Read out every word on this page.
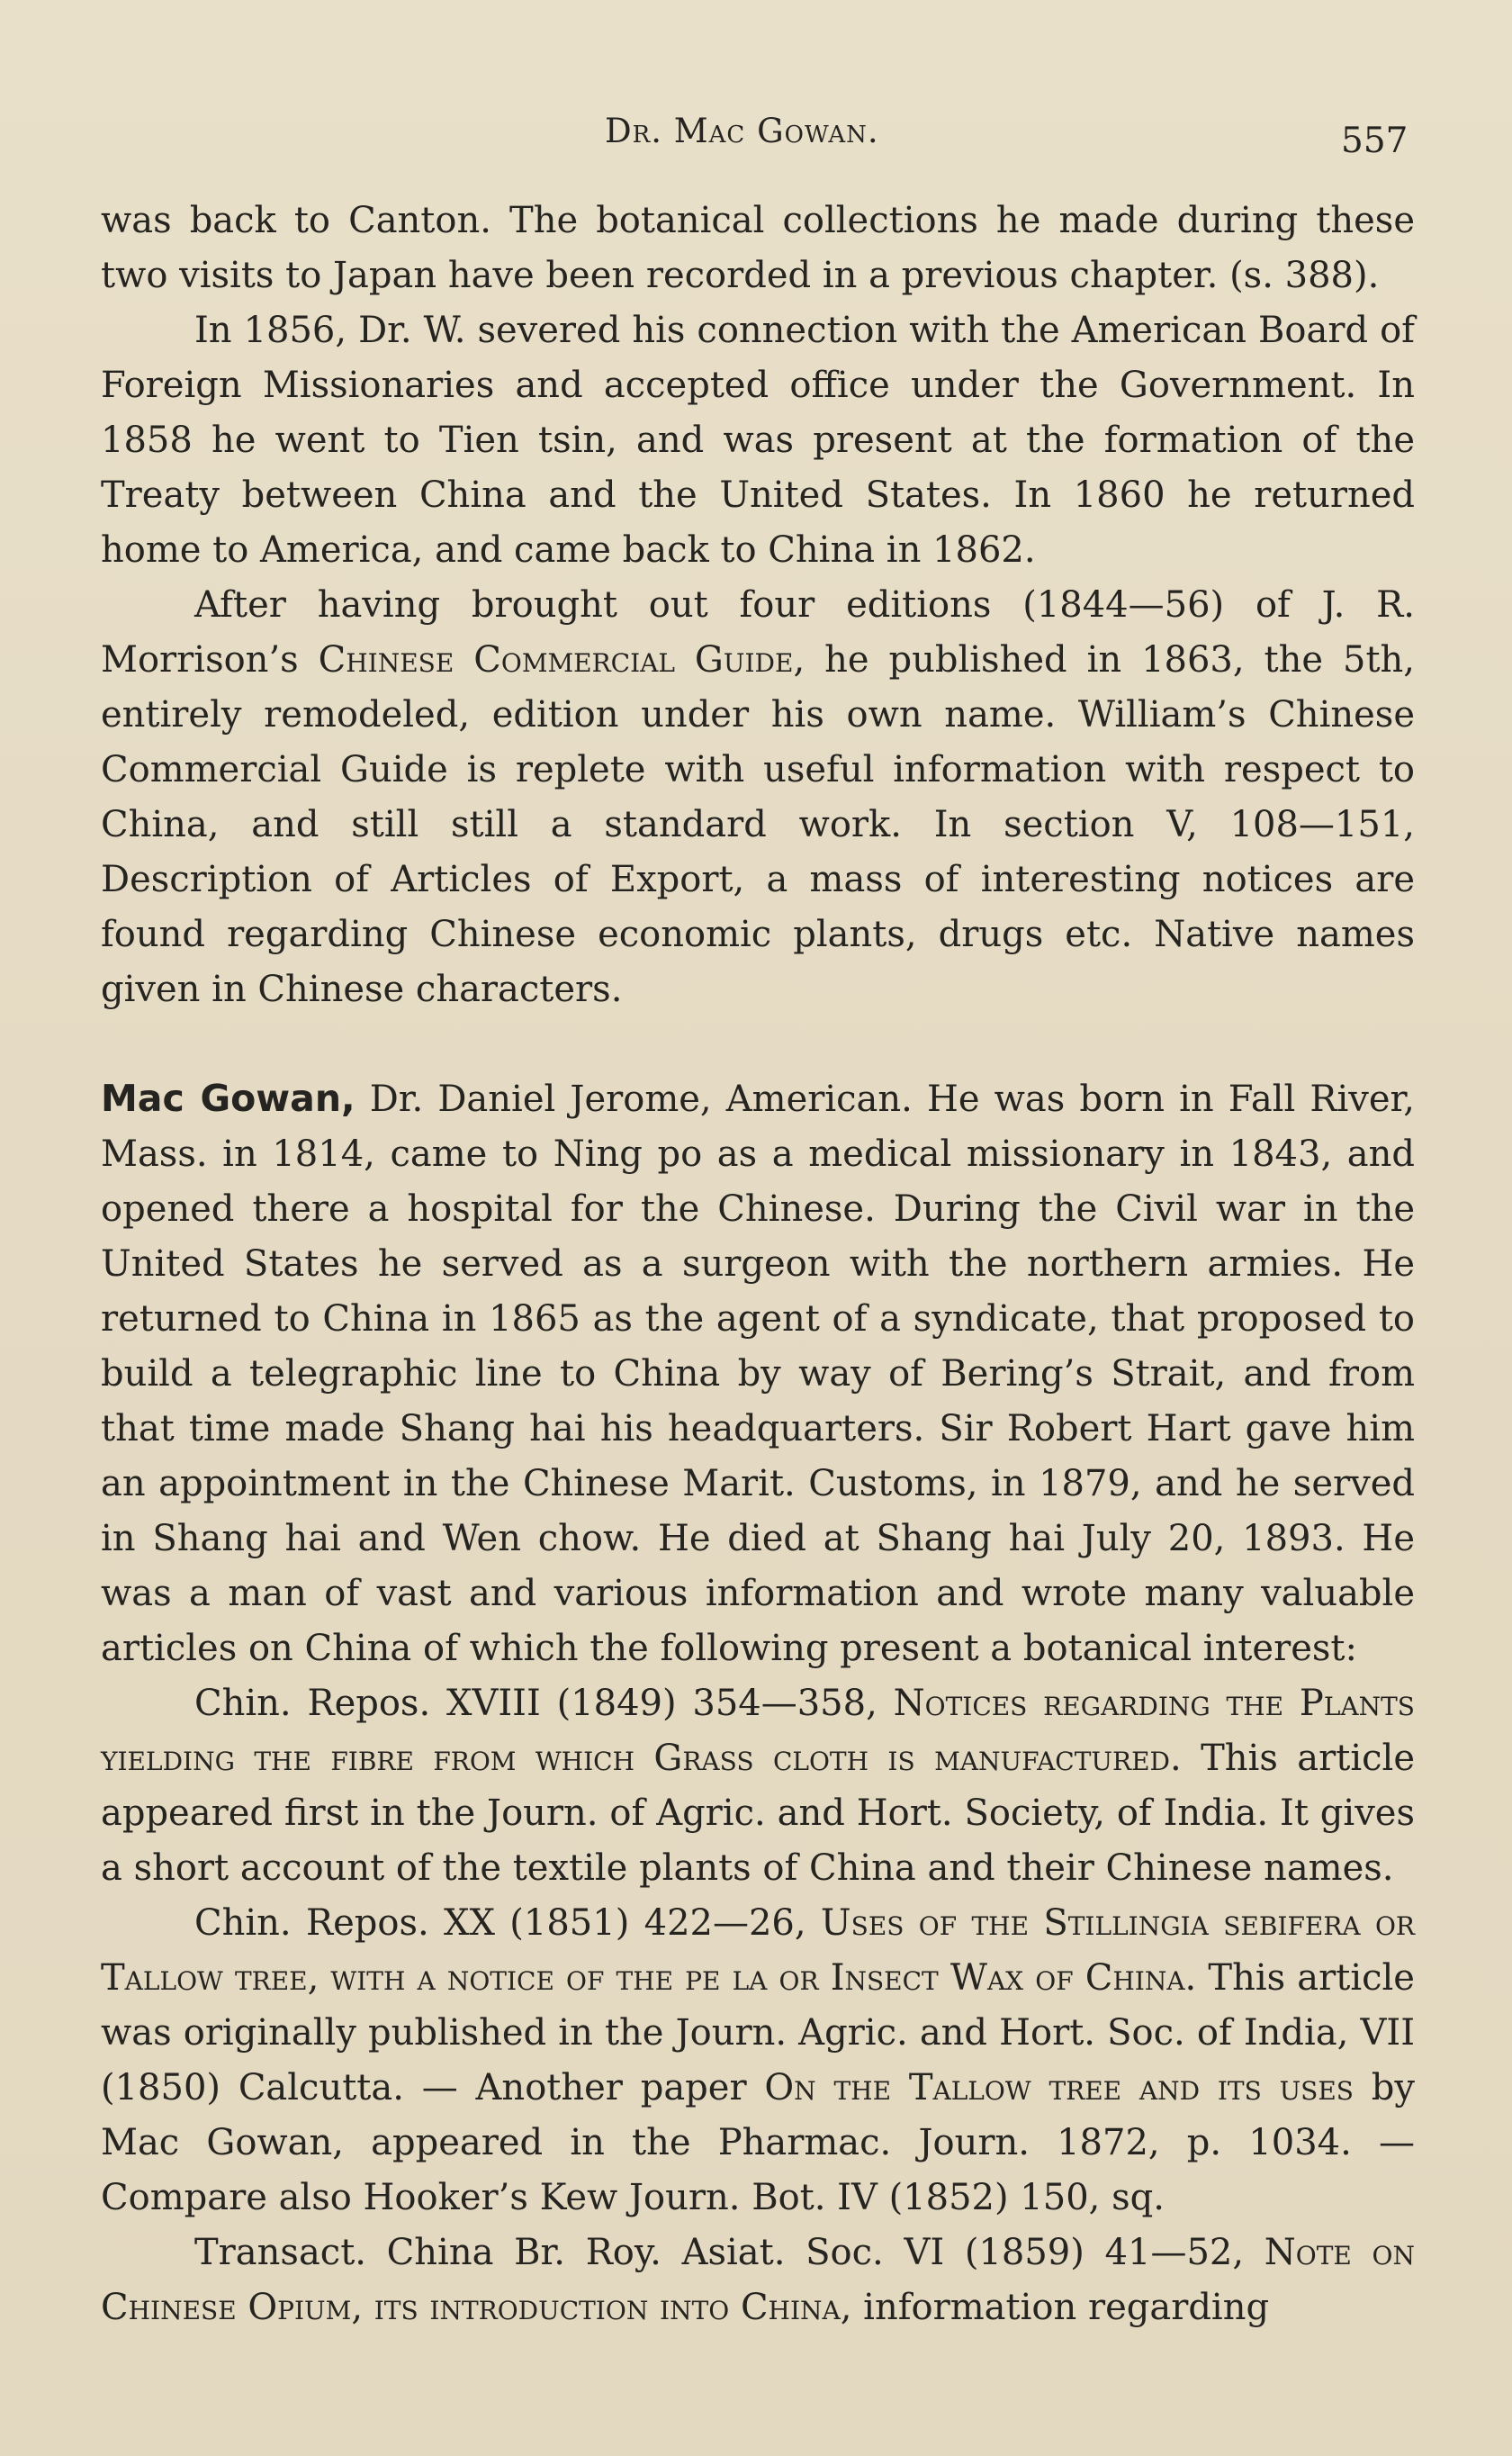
Dr. Mac Gowan.	557

was back to Canton. The botanical collections he made during these two visits to Japan have been recorded in a previous chapter. (s. 388).

In 1856, Dr. W. severed his connection with the American Board of Foreign Missionaries and accepted office under the Government. In 1858 he went to Tien tsin, and was present at the formation of the Treaty between China and the United States. In 1860 he returned home to America, and came back to China in 1862.

After having brought out four editions (1844—56) of J. R. Morrison’s Chinese Commercial Guide, he published in 1863, the 5th, entirely remodeled, edition under his own name. William’s Chinese Commercial Guide is replete with useful information with respect to China, and still still a standard work. In section V, 108—151, Description of Articles of Export, a mass of interesting notices are found regarding Chinese economic plants, drugs etc. Native names given in Chinese characters.

Mac Gowan, Dr. Daniel Jerome, American. He was born in Fall River, Mass. in 1814, came to Ning po as a medical missionary in 1843, and opened there a hospital for the Chinese. During the Civil war in the United States he served as a surgeon with the northern armies. He returned to China in 1865 as the agent of a syndicate, that proposed to build a telegraphic line to China by way of Bering’s Strait, and from that time made Shang hai his headquarters. Sir Robert Hart gave him an appointment in the Chinese Marit. Customs, in 1879, and he served in Shang hai and Wen chow. He died at Shang hai July 20, 1893. He was a man of vast and various information and wrote many valuable articles on China of which the following present a botanical interest:

Chin. Repos. XVIII (1849) 354—358, Notices regarding the Plants yielding the fibre from which Grass cloth is manufactured. This article appeared first in the Journ. of Agric. and Hort. Society, of India. It gives a short account of the textile plants of China and their Chinese names.

Chin. Repos. XX (1851) 422—26, Uses of the Stillingia sebifera or Tallow tree, with a notice of the pe la or Insect Wax of China. This article was originally published in the Journ. Agric. and Hort. Soc. of India, VII (1850) Calcutta. — Another paper On the Tallow tree and its uses by Mac Gowan, appeared in the Pharmac. Journ. 1872, p. 1034. — Compare also Hooker’s Kew Journ. Bot. IV (1852) 150, sq.

Transact. China Br. Roy. Asiat. Soc. VI (1859) 41—52, Note on Chinese Opium, its introduction into China, information regarding
